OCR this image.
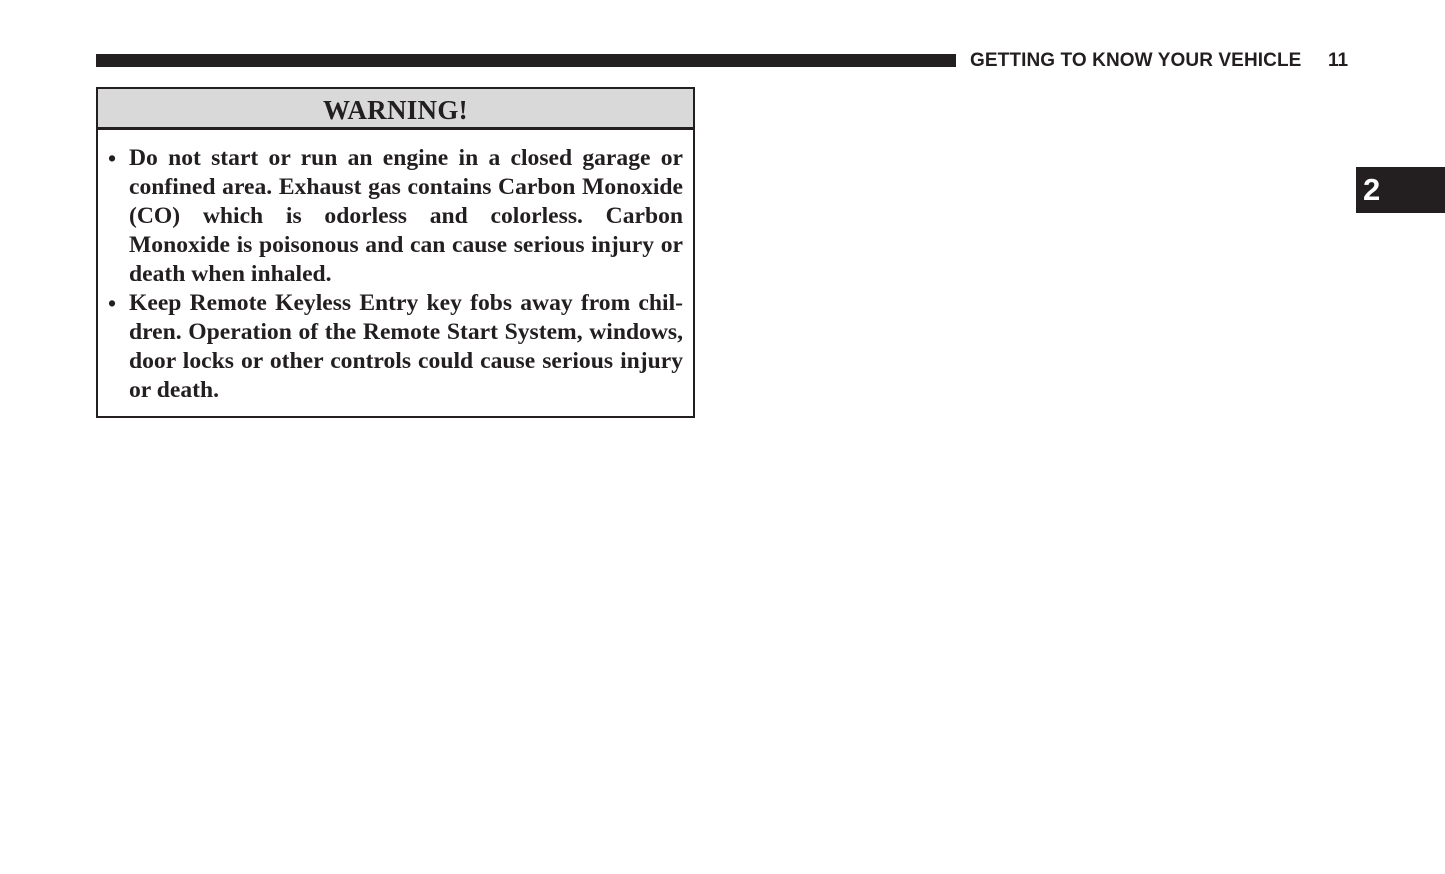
GETTING TO KNOW YOUR VEHICLE 11
2
WARNING!
• Do not start or run an engine in a closed garage or confined area. Exhaust gas contains Carbon Monoxide (CO) which is odorless and colorless. Carbon Monoxide is poisonous and can cause serious injury or death when inhaled.
• Keep Remote Keyless Entry key fobs away from children. Operation of the Remote Start System, windows, door locks or other controls could cause serious injury or death.
